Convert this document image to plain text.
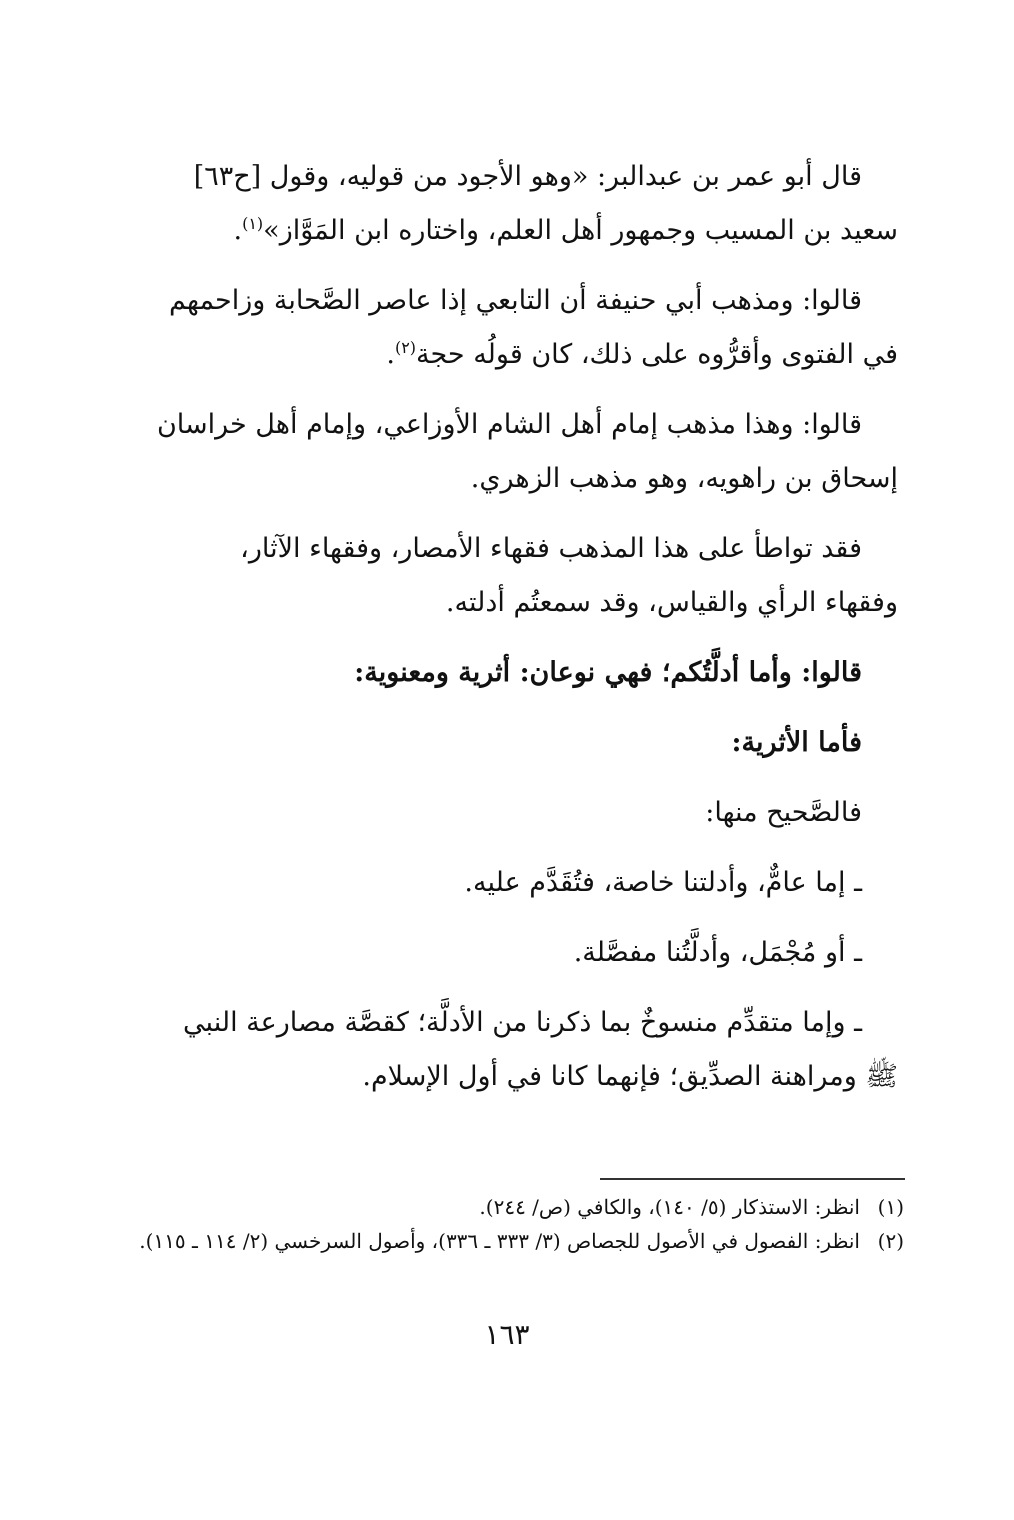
قال أبو عمر بن عبدالبر: «وهو الأجود من قوليه، وقول [ح٦٣]
سعيد بن المسيب وجمهور أهل العلم، واختاره ابن المَوَّاز»$^{(١)}$.
قالوا: ومذهب أبي حنيفة أن التابعي إذا عاصر الصَّحابة وزاحمهم
في الفتوى وأقرُّوه على ذلك، كان قولُه حجة$^{(٢)}$.
قالوا: وهذا مذهب إمام أهل الشام الأوزاعي، وإمام أهل خراسان
إسحاق بن راهويه، وهو مذهب الزهري.
فقد تواطأ على هذا المذهب فقهاء الأمصار، وفقهاء الآثار،
وفقهاء الرأي والقياس، وقد سمعتُم أدلته.
قالوا: وأما أدلَّتُكم؛ فهي نوعان: أثرية ومعنوية:
فأما الأثرية:
فالصَّحيح منها:
ـ إما عامٌّ، وأدلتنا خاصة، فتُقَدَّم عليه.
ـ أو مُجْمَل، وأدلَّتُنا مفصَّلة.
ـ وإما متقدِّم منسوخٌ بما ذكرنا من الأدلَّة؛ كقصَّة مصارعة النبي
ﷺ ومراهنة الصدِّيق؛ فإنهما كانا في أول الإسلام.
(١)
انظر: الاستذكار (٥/ ١٤٠)، والكافي (ص/ ٢٤٤).
(٢)
انظر: الفصول في الأصول للجصاص (٣/ ٣٣٣ ـ ٣٣٦)، وأصول السرخسي (٢/ ١١٤ ـ ١١٥).
١٦٣
